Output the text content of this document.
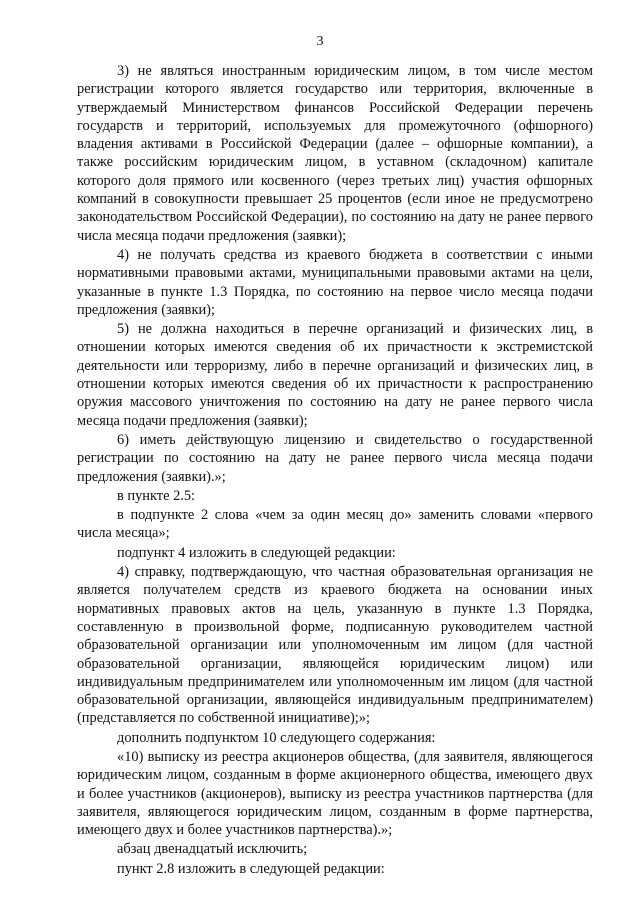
3

3) не являться иностранным юридическим лицом, в том числе местом регистрации которого является государство или территория, включенные в утверждаемый Министерством финансов Российской Федерации перечень государств и территорий, используемых для промежуточного (офшорного) владения активами в Российской Федерации (далее – офшорные компании), а также российским юридическим лицом, в уставном (складочном) капитале которого доля прямого или косвенного (через третьих лиц) участия офшорных компаний в совокупности превышает 25 процентов (если иное не предусмотрено законодательством Российской Федерации), по состоянию на дату не ранее первого числа месяца подачи предложения (заявки);

4) не получать средства из краевого бюджета в соответствии с иными нормативными правовыми актами, муниципальными правовыми актами на цели, указанные в пункте 1.3 Порядка, по состоянию на первое число месяца подачи предложения (заявки);

5) не должна находиться в перечне организаций и физических лиц, в отношении которых имеются сведения об их причастности к экстремистской деятельности или терроризму, либо в перечне организаций и физических лиц, в отношении которых имеются сведения об их причастности к распространению оружия массового уничтожения по состоянию на дату не ранее первого числа месяца подачи предложения (заявки);

6) иметь действующую лицензию и свидетельство о государственной регистрации по состоянию на дату не ранее первого числа месяца подачи предложения (заявки).»;

в пункте 2.5:

в подпункте 2 слова «чем за один месяц до» заменить словами «первого числа месяца»;

подпункт 4 изложить в следующей редакции:

4) справку, подтверждающую, что частная образовательная организация не является получателем средств из краевого бюджета на основании иных нормативных правовых актов на цель, указанную в пункте 1.3 Порядка, составленную в произвольной форме, подписанную руководителем частной образовательной организации или уполномоченным им лицом (для частной образовательной организации, являющейся юридическим лицом) или индивидуальным предпринимателем или уполномоченным им лицом (для частной образовательной организации, являющейся индивидуальным предпринимателем) (представляется по собственной инициативе);»;

дополнить подпунктом 10 следующего содержания:

«10) выписку из реестра акционеров общества, (для заявителя, являющегося юридическим лицом, созданным в форме акционерного общества, имеющего двух и более участников (акционеров), выписку из реестра участников партнерства (для заявителя, являющегося юридическим лицом, созданным в форме партнерства, имеющего двух и более участников партнерства).»;

абзац двенадцатый исключить;

пункт 2.8 изложить в следующей редакции:
